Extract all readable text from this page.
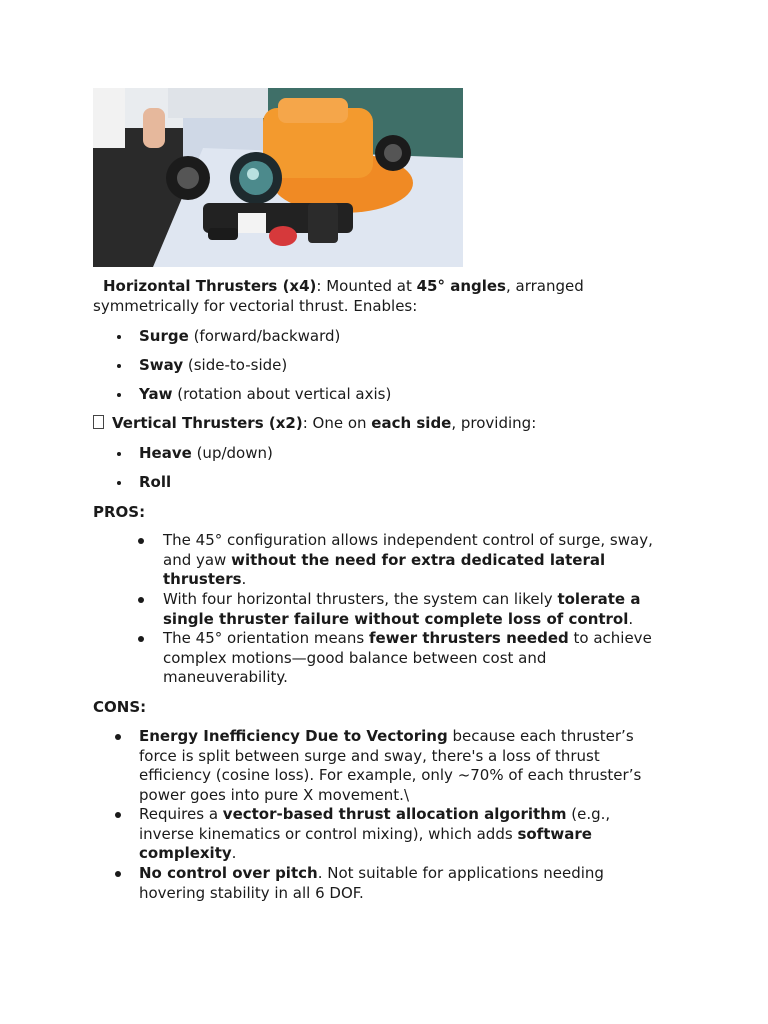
Horizontal Thrusters (x4): Mounted at 45° angles, arranged
symmetrically for vectorial thrust. Enables:
Surge (forward/backward)
Sway (side-to-side)
Yaw (rotation about vertical axis)
Vertical Thrusters (x2): One on each side, providing:
Heave (up/down)
Roll
PROS:
The 45° configuration allows independent control of surge, sway,
and yaw without the need for extra dedicated lateral
thrusters.
With four horizontal thrusters, the system can likely tolerate a
single thruster failure without complete loss of control.
The 45° orientation means fewer thrusters needed to achieve
complex motions—good balance between cost and
maneuverability.
CONS:
Energy Inefficiency Due to Vectoring because each thruster’s
force is split between surge and sway, there's a loss of thrust
efficiency (cosine loss). For example, only ~70% of each thruster’s
power goes into pure X movement.\
Requires a vector-based thrust allocation algorithm (e.g.,
inverse kinematics or control mixing), which adds software
complexity.
No control over pitch. Not suitable for applications needing
hovering stability in all 6 DOF.
